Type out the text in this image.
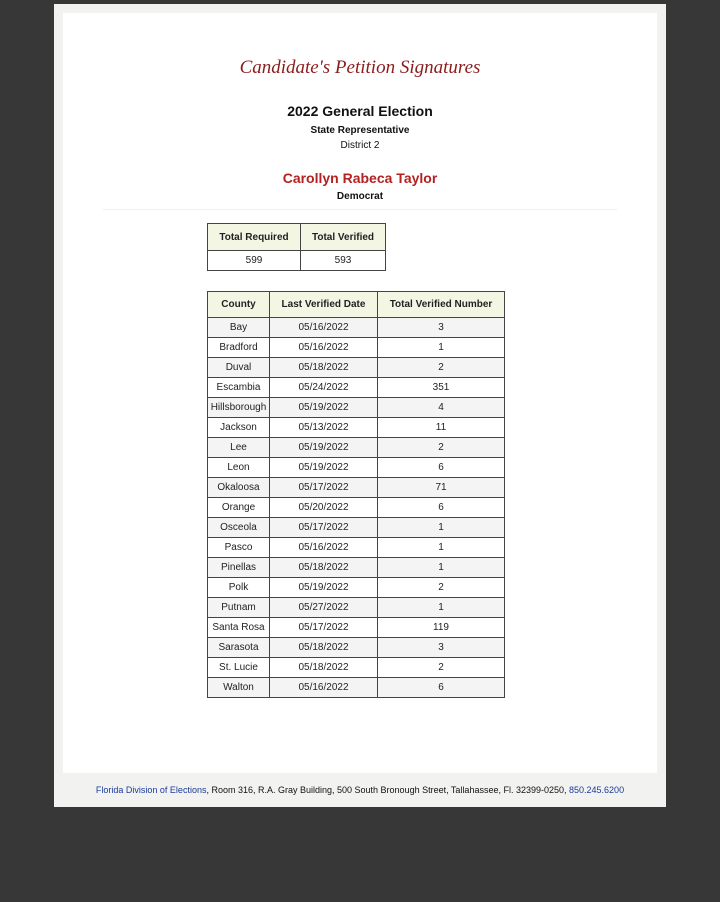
Candidate's Petition Signatures
2022 General Election
State Representative
District 2
Carollyn Rabeca Taylor
Democrat
Total Required	Total Verified
599	593
County	Last Verified Date	Total Verified Number
Bay	05/16/2022	3
Bradford	05/16/2022	1
Duval	05/18/2022	2
Escambia	05/24/2022	351
Hillsborough	05/19/2022	4
Jackson	05/13/2022	11
Lee	05/19/2022	2
Leon	05/19/2022	6
Okaloosa	05/17/2022	71
Orange	05/20/2022	6
Osceola	05/17/2022	1
Pasco	05/16/2022	1
Pinellas	05/18/2022	1
Polk	05/19/2022	2
Putnam	05/27/2022	1
Santa Rosa	05/17/2022	119
Sarasota	05/18/2022	3
St. Lucie	05/18/2022	2
Walton	05/16/2022	6
Florida Division of Elections, Room 316, R.A. Gray Building, 500 South Bronough Street, Tallahassee, Fl. 32399-0250, 850.245.6200
